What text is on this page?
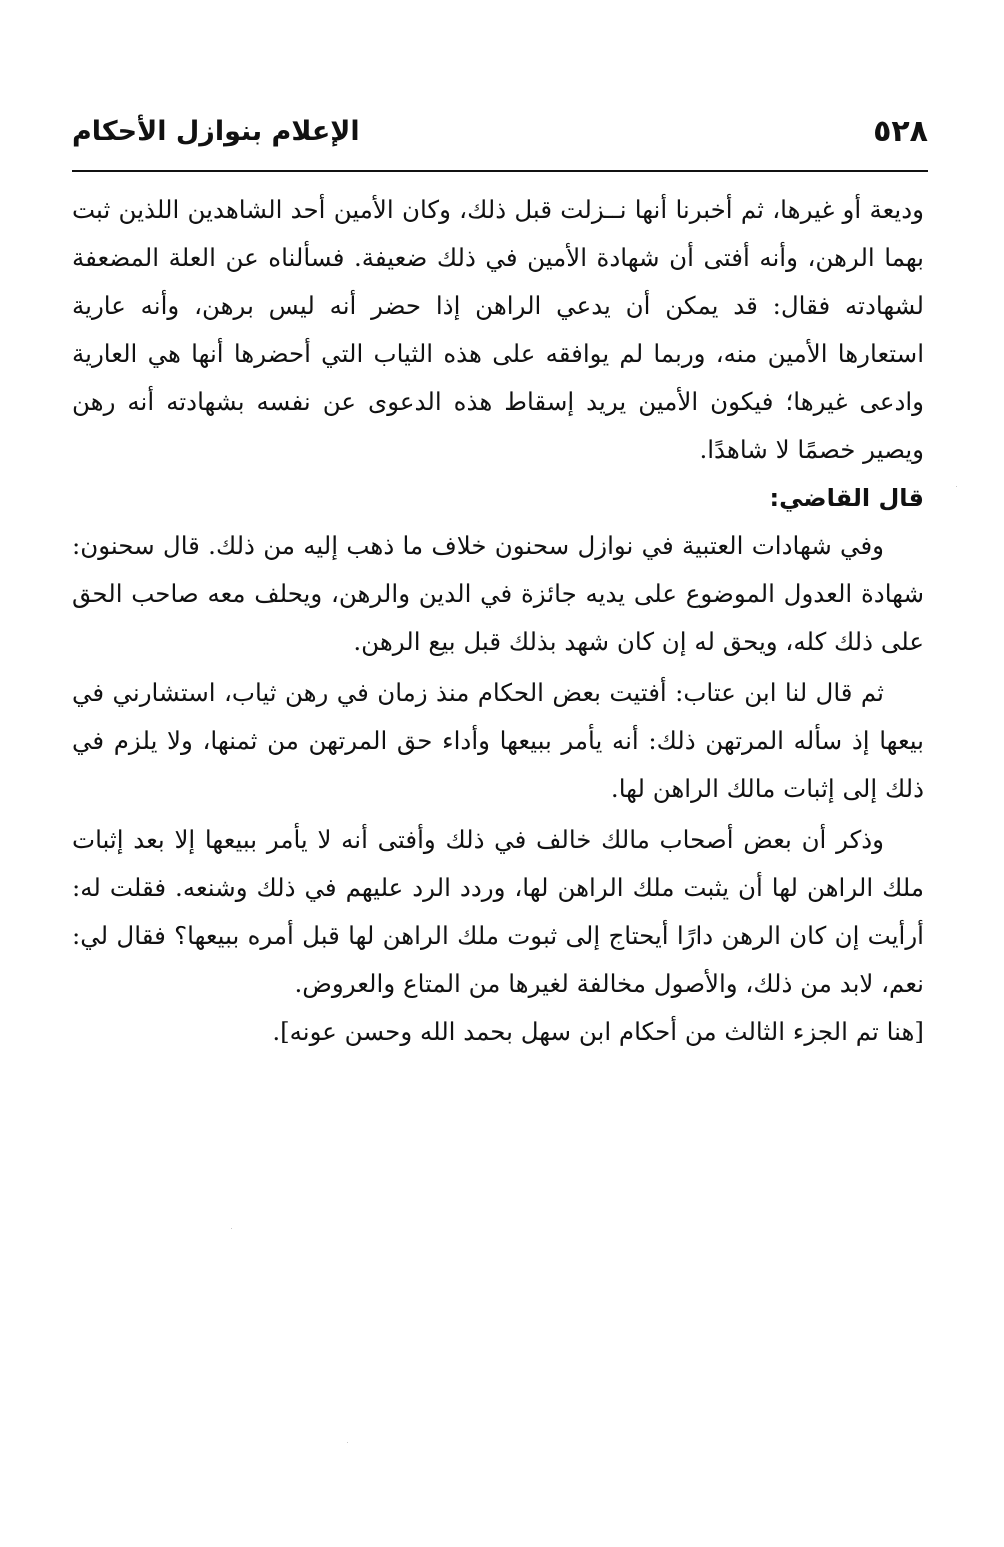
٥٢٨
الإعلام بنوازل الأحكام

وديعة أو غيرها، ثم أخبرنا أنها نــزلت قبل ذلك، وكان الأمين أحد الشاهدين اللذين ثبت بهما الرهن، وأنه أفتى أن شهادة الأمين في ذلك ضعيفة. فسألناه عن العلة المضعفة لشهادته فقال: قد يمكن أن يدعي الراهن إذا حضر أنه ليس برهن، وأنه عارية استعارها الأمين منه، وربما لم يوافقه على هذه الثياب التي أحضرها أنها هي العارية وادعى غيرها؛ فيكون الأمين يريد إسقاط هذه الدعوى عن نفسه بشهادته أنه رهن ويصير خصمًا لا شاهدًا.

قال القاضي:

وفي شهادات العتبية في نوازل سحنون خلاف ما ذهب إليه من ذلك. قال سحنون: شهادة العدول الموضوع على يديه جائزة في الدين والرهن، ويحلف معه صاحب الحق على ذلك كله، ويحق له إن كان شهد بذلك قبل بيع الرهن.

ثم قال لنا ابن عتاب: أفتيت بعض الحكام منذ زمان في رهن ثياب، استشارني في بيعها إذ سأله المرتهن ذلك: أنه يأمر ببيعها وأداء حق المرتهن من ثمنها، ولا يلزم في ذلك إلى إثبات مالك الراهن لها.

وذكر أن بعض أصحاب مالك خالف في ذلك وأفتى أنه لا يأمر ببيعها إلا بعد إثبات ملك الراهن لها أن يثبت ملك الراهن لها، وردد الرد عليهم في ذلك وشنعه. فقلت له: أرأيت إن كان الرهن دارًا أيحتاج إلى ثبوت ملك الراهن لها قبل أمره ببيعها؟ فقال لي: نعم، لابد من ذلك، والأصول مخالفة لغيرها من المتاع والعروض.

[هنا تم الجزء الثالث من أحكام ابن سهل بحمد الله وحسن عونه].
